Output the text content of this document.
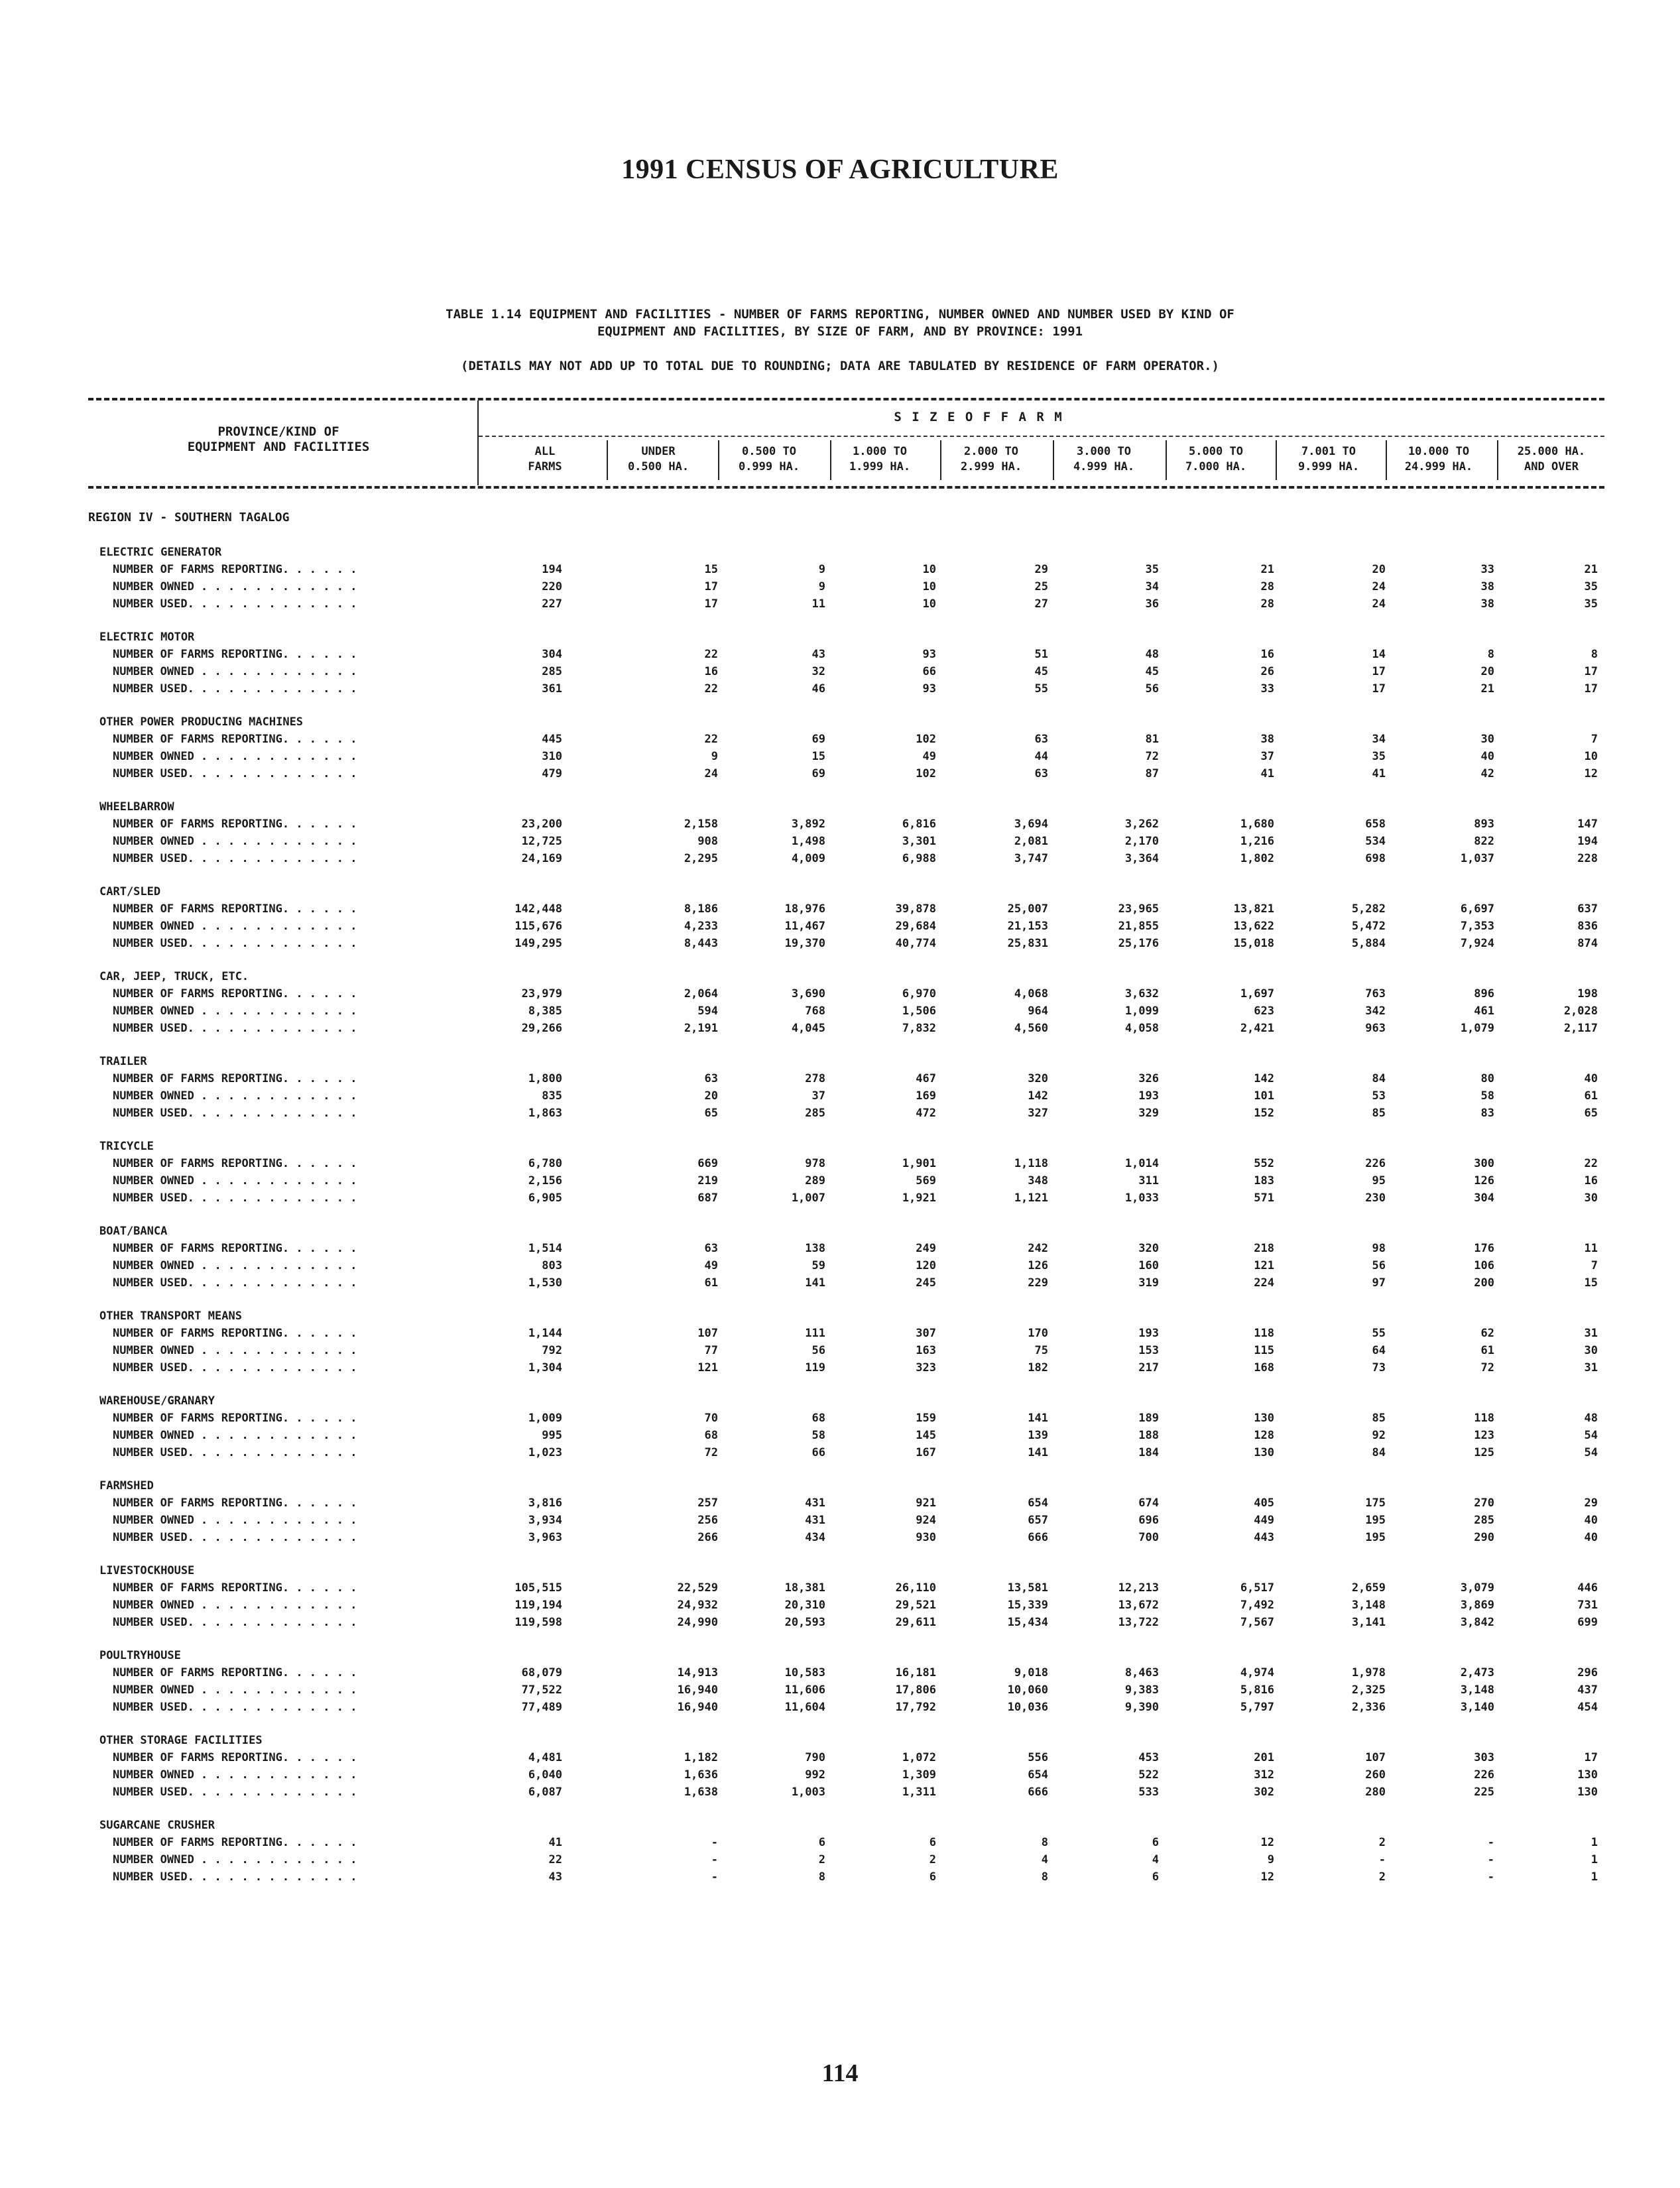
1991 CENSUS OF AGRICULTURE
TABLE 1.14 EQUIPMENT AND FACILITIES - NUMBER OF FARMS REPORTING, NUMBER OWNED AND NUMBER USED BY KIND OF
EQUIPMENT AND FACILITIES, BY SIZE OF FARM, AND BY PROVINCE: 1991
(DETAILS MAY NOT ADD UP TO TOTAL DUE TO ROUNDING; DATA ARE TABULATED BY RESIDENCE OF FARM OPERATOR.)
PROVINCE/KIND OF
EQUIPMENT AND FACILITIES
S I Z E O F F A R M
ALL
FARMS
UNDER
0.500 HA.
0.500 TO
0.999 HA.
1.000 TO
1.999 HA.
2.000 TO
2.999 HA.
3.000 TO
4.999 HA.
5.000 TO
7.000 HA.
7.001 TO
9.999 HA.
10.000 TO
24.999 HA.
25.000 HA.
AND OVER
REGION IV - SOUTHERN TAGALOG
ELECTRIC GENERATOR
NUMBER OF FARMS REPORTING. . . . . .	194	15	9	10	29	35	21	20	33	21
NUMBER OWNED . . . . . . . . . . . .	220	17	9	10	25	34	28	24	38	35
NUMBER USED. . . . . . . . . . . . .	227	17	11	10	27	36	28	24	38	35
ELECTRIC MOTOR
NUMBER OF FARMS REPORTING. . . . . .	304	22	43	93	51	48	16	14	8	8
NUMBER OWNED . . . . . . . . . . . .	285	16	32	66	45	45	26	17	20	17
NUMBER USED. . . . . . . . . . . . .	361	22	46	93	55	56	33	17	21	17
OTHER POWER PRODUCING MACHINES
NUMBER OF FARMS REPORTING. . . . . .	445	22	69	102	63	81	38	34	30	7
NUMBER OWNED . . . . . . . . . . . .	310	9	15	49	44	72	37	35	40	10
NUMBER USED. . . . . . . . . . . . .	479	24	69	102	63	87	41	41	42	12
WHEELBARROW
NUMBER OF FARMS REPORTING. . . . . .	23,200	2,158	3,892	6,816	3,694	3,262	1,680	658	893	147
NUMBER OWNED . . . . . . . . . . . .	12,725	908	1,498	3,301	2,081	2,170	1,216	534	822	194
NUMBER USED. . . . . . . . . . . . .	24,169	2,295	4,009	6,988	3,747	3,364	1,802	698	1,037	228
CART/SLED
NUMBER OF FARMS REPORTING. . . . . .	142,448	8,186	18,976	39,878	25,007	23,965	13,821	5,282	6,697	637
NUMBER OWNED . . . . . . . . . . . .	115,676	4,233	11,467	29,684	21,153	21,855	13,622	5,472	7,353	836
NUMBER USED. . . . . . . . . . . . .	149,295	8,443	19,370	40,774	25,831	25,176	15,018	5,884	7,924	874
CAR, JEEP, TRUCK, ETC.
NUMBER OF FARMS REPORTING. . . . . .	23,979	2,064	3,690	6,970	4,068	3,632	1,697	763	896	198
NUMBER OWNED . . . . . . . . . . . .	8,385	594	768	1,506	964	1,099	623	342	461	2,028
NUMBER USED. . . . . . . . . . . . .	29,266	2,191	4,045	7,832	4,560	4,058	2,421	963	1,079	2,117
TRAILER
NUMBER OF FARMS REPORTING. . . . . .	1,800	63	278	467	320	326	142	84	80	40
NUMBER OWNED . . . . . . . . . . . .	835	20	37	169	142	193	101	53	58	61
NUMBER USED. . . . . . . . . . . . .	1,863	65	285	472	327	329	152	85	83	65
TRICYCLE
NUMBER OF FARMS REPORTING. . . . . .	6,780	669	978	1,901	1,118	1,014	552	226	300	22
NUMBER OWNED . . . . . . . . . . . .	2,156	219	289	569	348	311	183	95	126	16
NUMBER USED. . . . . . . . . . . . .	6,905	687	1,007	1,921	1,121	1,033	571	230	304	30
BOAT/BANCA
NUMBER OF FARMS REPORTING. . . . . .	1,514	63	138	249	242	320	218	98	176	11
NUMBER OWNED . . . . . . . . . . . .	803	49	59	120	126	160	121	56	106	7
NUMBER USED. . . . . . . . . . . . .	1,530	61	141	245	229	319	224	97	200	15
OTHER TRANSPORT MEANS
NUMBER OF FARMS REPORTING. . . . . .	1,144	107	111	307	170	193	118	55	62	31
NUMBER OWNED . . . . . . . . . . . .	792	77	56	163	75	153	115	64	61	30
NUMBER USED. . . . . . . . . . . . .	1,304	121	119	323	182	217	168	73	72	31
WAREHOUSE/GRANARY
NUMBER OF FARMS REPORTING. . . . . .	1,009	70	68	159	141	189	130	85	118	48
NUMBER OWNED . . . . . . . . . . . .	995	68	58	145	139	188	128	92	123	54
NUMBER USED. . . . . . . . . . . . .	1,023	72	66	167	141	184	130	84	125	54
FARMSHED
NUMBER OF FARMS REPORTING. . . . . .	3,816	257	431	921	654	674	405	175	270	29
NUMBER OWNED . . . . . . . . . . . .	3,934	256	431	924	657	696	449	195	285	40
NUMBER USED. . . . . . . . . . . . .	3,963	266	434	930	666	700	443	195	290	40
LIVESTOCKHOUSE
NUMBER OF FARMS REPORTING. . . . . .	105,515	22,529	18,381	26,110	13,581	12,213	6,517	2,659	3,079	446
NUMBER OWNED . . . . . . . . . . . .	119,194	24,932	20,310	29,521	15,339	13,672	7,492	3,148	3,869	731
NUMBER USED. . . . . . . . . . . . .	119,598	24,990	20,593	29,611	15,434	13,722	7,567	3,141	3,842	699
POULTRYHOUSE
NUMBER OF FARMS REPORTING. . . . . .	68,079	14,913	10,583	16,181	9,018	8,463	4,974	1,978	2,473	296
NUMBER OWNED . . . . . . . . . . . .	77,522	16,940	11,606	17,806	10,060	9,383	5,816	2,325	3,148	437
NUMBER USED. . . . . . . . . . . . .	77,489	16,940	11,604	17,792	10,036	9,390	5,797	2,336	3,140	454
OTHER STORAGE FACILITIES
NUMBER OF FARMS REPORTING. . . . . .	4,481	1,182	790	1,072	556	453	201	107	303	17
NUMBER OWNED . . . . . . . . . . . .	6,040	1,636	992	1,309	654	522	312	260	226	130
NUMBER USED. . . . . . . . . . . . .	6,087	1,638	1,003	1,311	666	533	302	280	225	130
SUGARCANE CRUSHER
NUMBER OF FARMS REPORTING. . . . . .	41	-	6	6	8	6	12	2	-	1
NUMBER OWNED . . . . . . . . . . . .	22	-	2	2	4	4	9	-	-	1
NUMBER USED. . . . . . . . . . . . .	43	-	8	6	8	6	12	2	-	1
114
